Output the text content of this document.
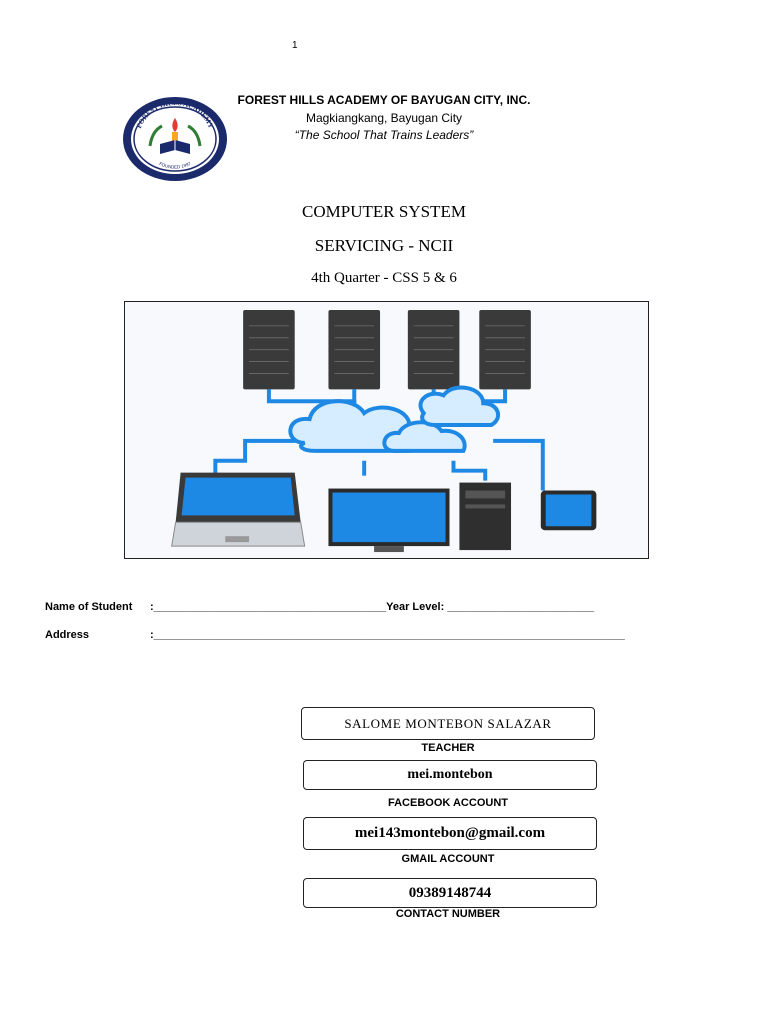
1
FOREST HILLS ACADEMY
FOUNDED 1997
FOREST HILLS ACADEMY OF BAYUGAN CITY, INC.
Magkiangkang, Bayugan City
“The School That Trains Leaders”
COMPUTER SYSTEM
SERVICING - NCII
4th Quarter - CSS 5 & 6
Name of Student :______________________________________Year Level: ________________________
Address	:_____________________________________________________________________________
SALOME MONTEBON SALAZAR
TEACHER
mei.montebon
FACEBOOK ACCOUNT
mei143montebon@gmail.com
GMAIL ACCOUNT
09389148744
CONTACT NUMBER
